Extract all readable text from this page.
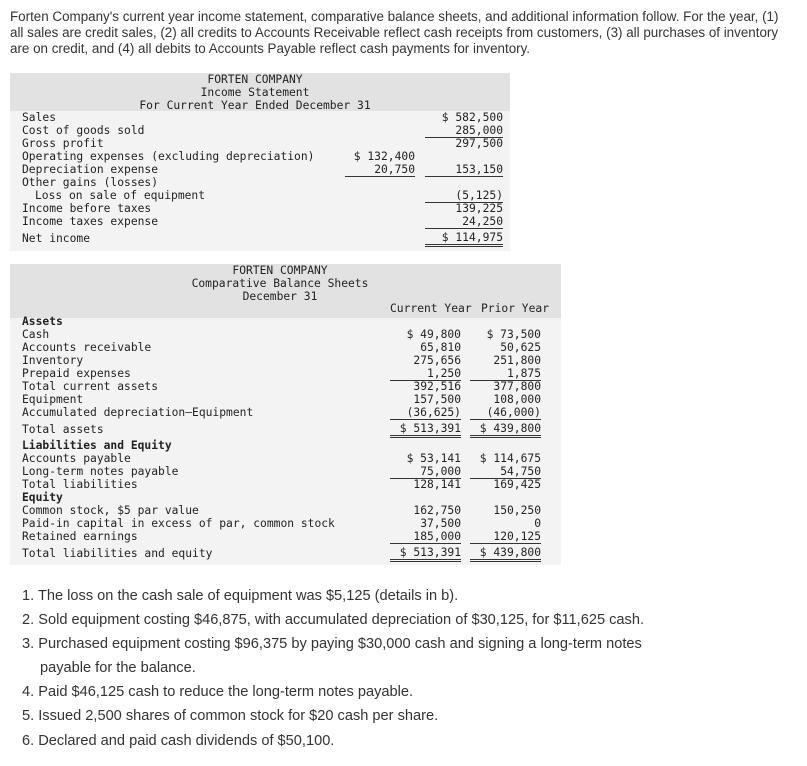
Forten Company's current year income statement, comparative balance sheets, and additional information follow. For the year, (1) all sales are credit sales, (2) all credits to Accounts Receivable reflect cash receipts from customers, (3) all purchases of inventory are on credit, and (4) all debits to Accounts Payable reflect cash payments for inventory.

FORTEN COMPANY
Income Statement
For Current Year Ended December 31
Sales
Cost of goods sold
Gross profit
Operating expenses (excluding depreciation)
Depreciation expense
Other gains (losses)
Loss on sale of equipment
Income before taxes
Income taxes expense
Net income
$ 132,400
20,750
$ 582,500
285,000
297,500
153,150
(5,125)
139,225
24,250
$ 114,975
FORTEN COMPANY
Comparative Balance Sheets
December 31
Current Year Prior Year
Assets
Cash
Accounts receivable
Inventory
Prepaid expenses
Total current assets
Equipment
Accumulated depreciation—Equipment
Total assets
Liabilities and Equity
Accounts payable
Long-term notes payable
Total liabilities
Equity
Common stock, $5 par value
Paid-in capital in excess of par, common stock
Retained earnings
Total liabilities and equity
$ 49,800
65,810
275,656
1,250
392,516
157,500
(36,625)
$ 513,391
$ 53,141
75,000
128,141
162,750
37,500
185,000
$ 513,391
$ 73,500
50,625
251,800
1,875
377,800
108,000
(46,000)
$ 439,800
$ 114,675
54,750
169,425
150,250
0
120,125
$ 439,800
1. The loss on the cash sale of equipment was $5,125 (details in b).
2. Sold equipment costing $46,875, with accumulated depreciation of $30,125, for $11,625 cash.
3. Purchased equipment costing $96,375 by paying $30,000 cash and signing a long-term notes
payable for the balance.
4. Paid $46,125 cash to reduce the long-term notes payable.
5. Issued 2,500 shares of common stock for $20 cash per share.
6. Declared and paid cash dividends of $50,100.
